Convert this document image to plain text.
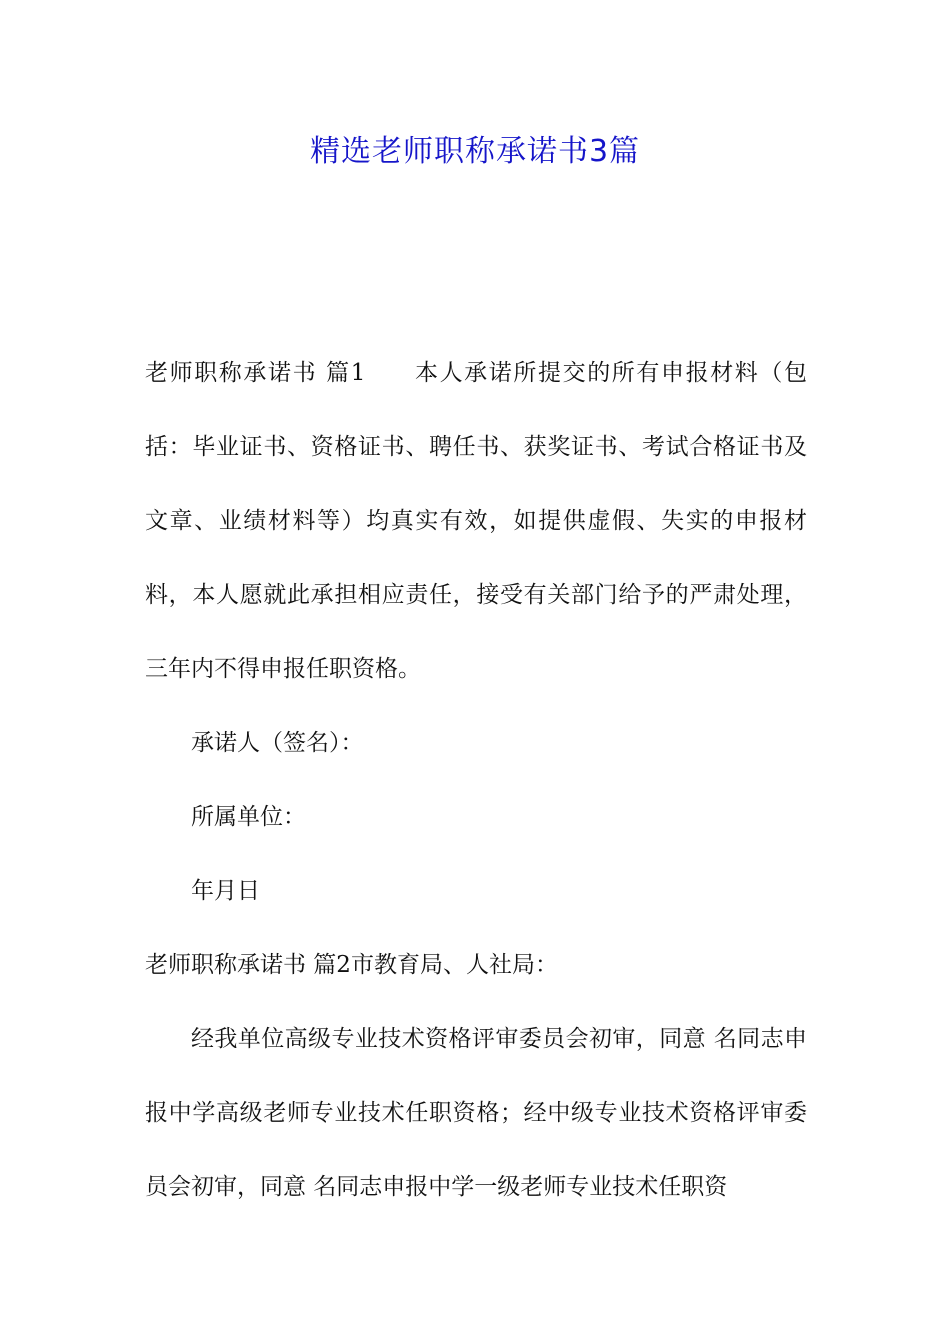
精选老师职称承诺书3篇

老师职称承诺书 篇1 本人承诺所提交的所有申报材料（包括：毕业证书、资格证书、聘任书、获奖证书、考试合格证书及文章、业绩材料等）均真实有效，如提供虚假、失实的申报材料，本人愿就此承担相应责任，接受有关部门给予的严肃处理，三年内不得申报任职资格。

承诺人（签名）：

所属单位：

年月日

老师职称承诺书 篇2市教育局、人社局：

经我单位高级专业技术资格评审委员会初审，同意 名同志申报中学高级老师专业技术任职资格；经中级专业技术资格评审委员会初审，同意 名同志申报中学一级老师专业技术任职资
